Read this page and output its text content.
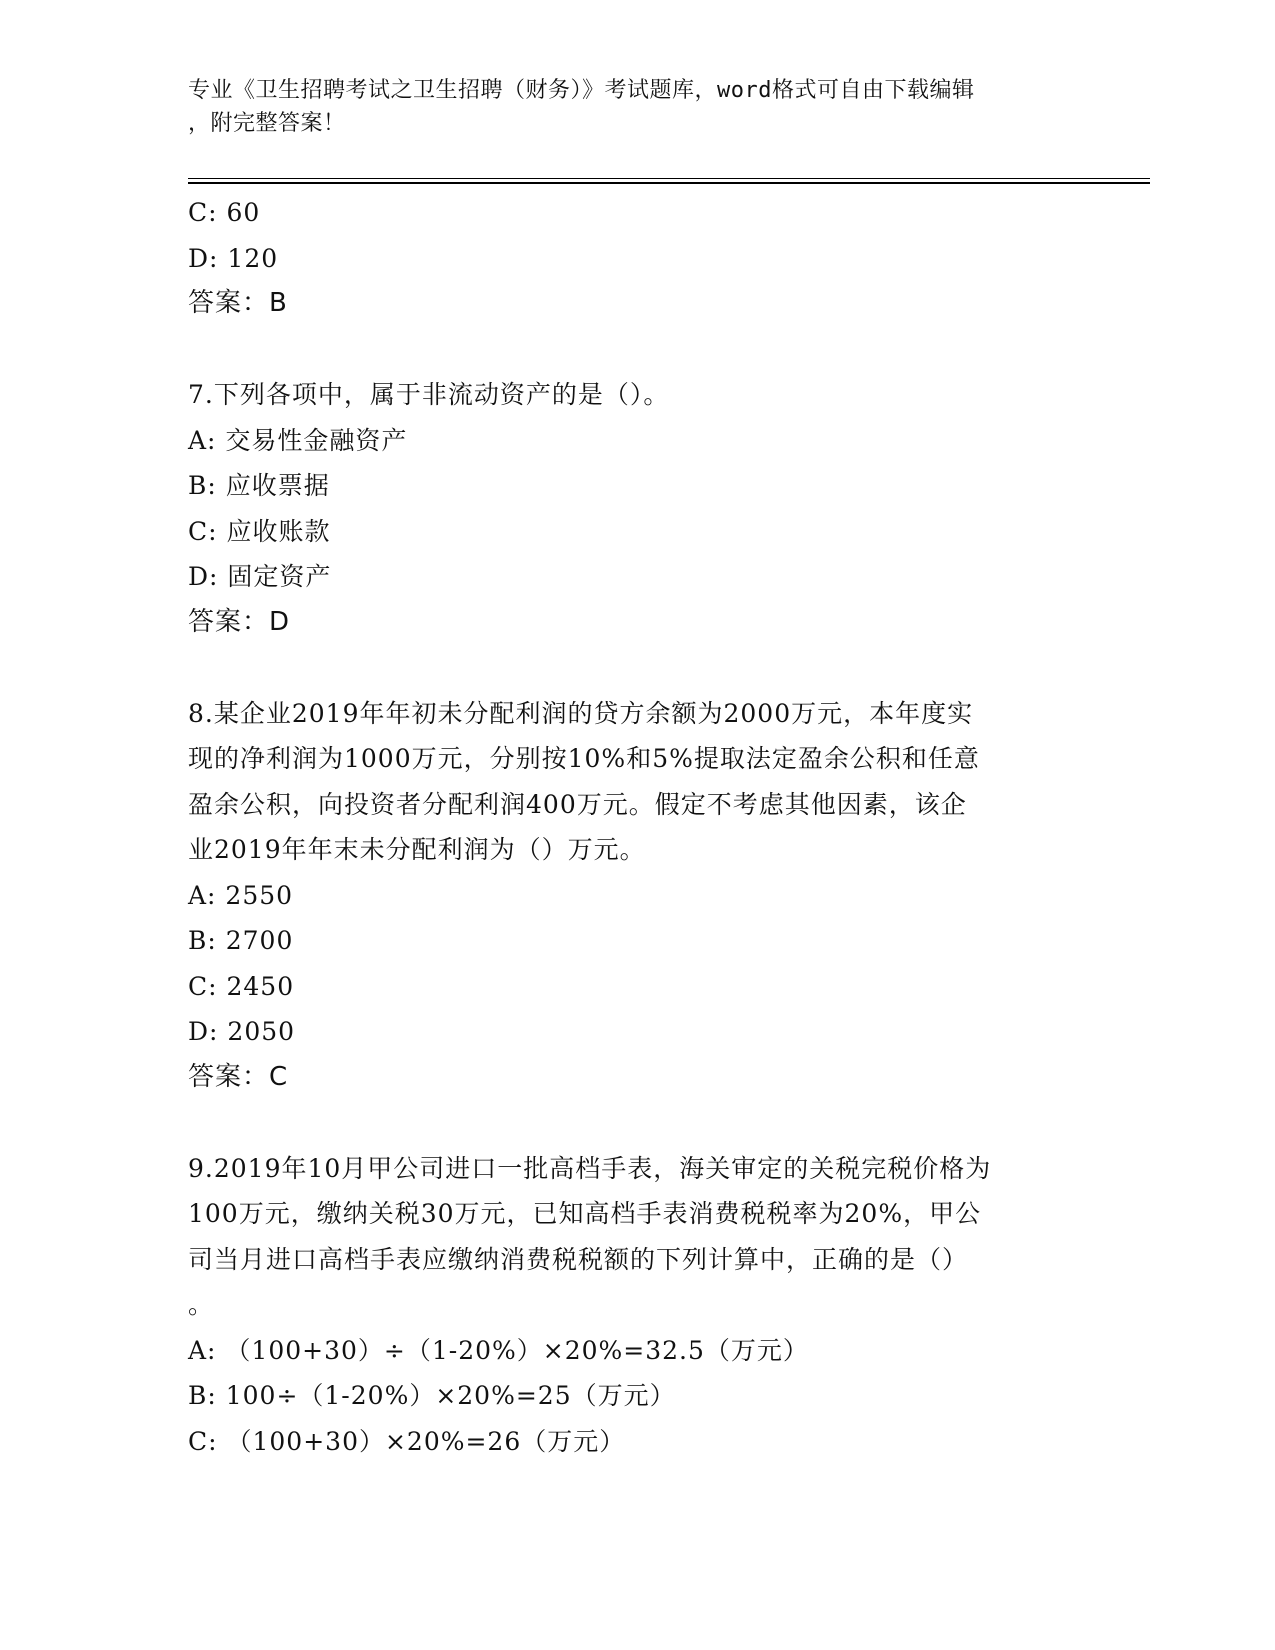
专业《卫生招聘考试之卫生招聘（财务）》考试题库，word格式可自由下载编辑

，附完整答案！

C: 60
D: 120
答案：B
7.下列各项中，属于非流动资产的是（）。
A: 交易性金融资产
B: 应收票据
C: 应收账款
D: 固定资产
答案：D
8.某企业2019年年初未分配利润的贷方余额为2000万元，本年度实
现的净利润为1000万元，分别按10%和5%提取法定盈余公积和任意
盈余公积，向投资者分配利润400万元。假定不考虑其他因素，该企
业2019年年末未分配利润为（）万元。
A: 2550
B: 2700
C: 2450
D: 2050
答案：C
9.2019年10月甲公司进口一批高档手表，海关审定的关税完税价格为
100万元，缴纳关税30万元，已知高档手表消费税税率为20%，甲公
司当月进口高档手表应缴纳消费税税额的下列计算中，正确的是（）
。
A: （100+30）÷（1-20%）×20%=32.5（万元）
B: 100÷（1-20%）×20%=25（万元）
C: （100+30）×20%=26（万元）
